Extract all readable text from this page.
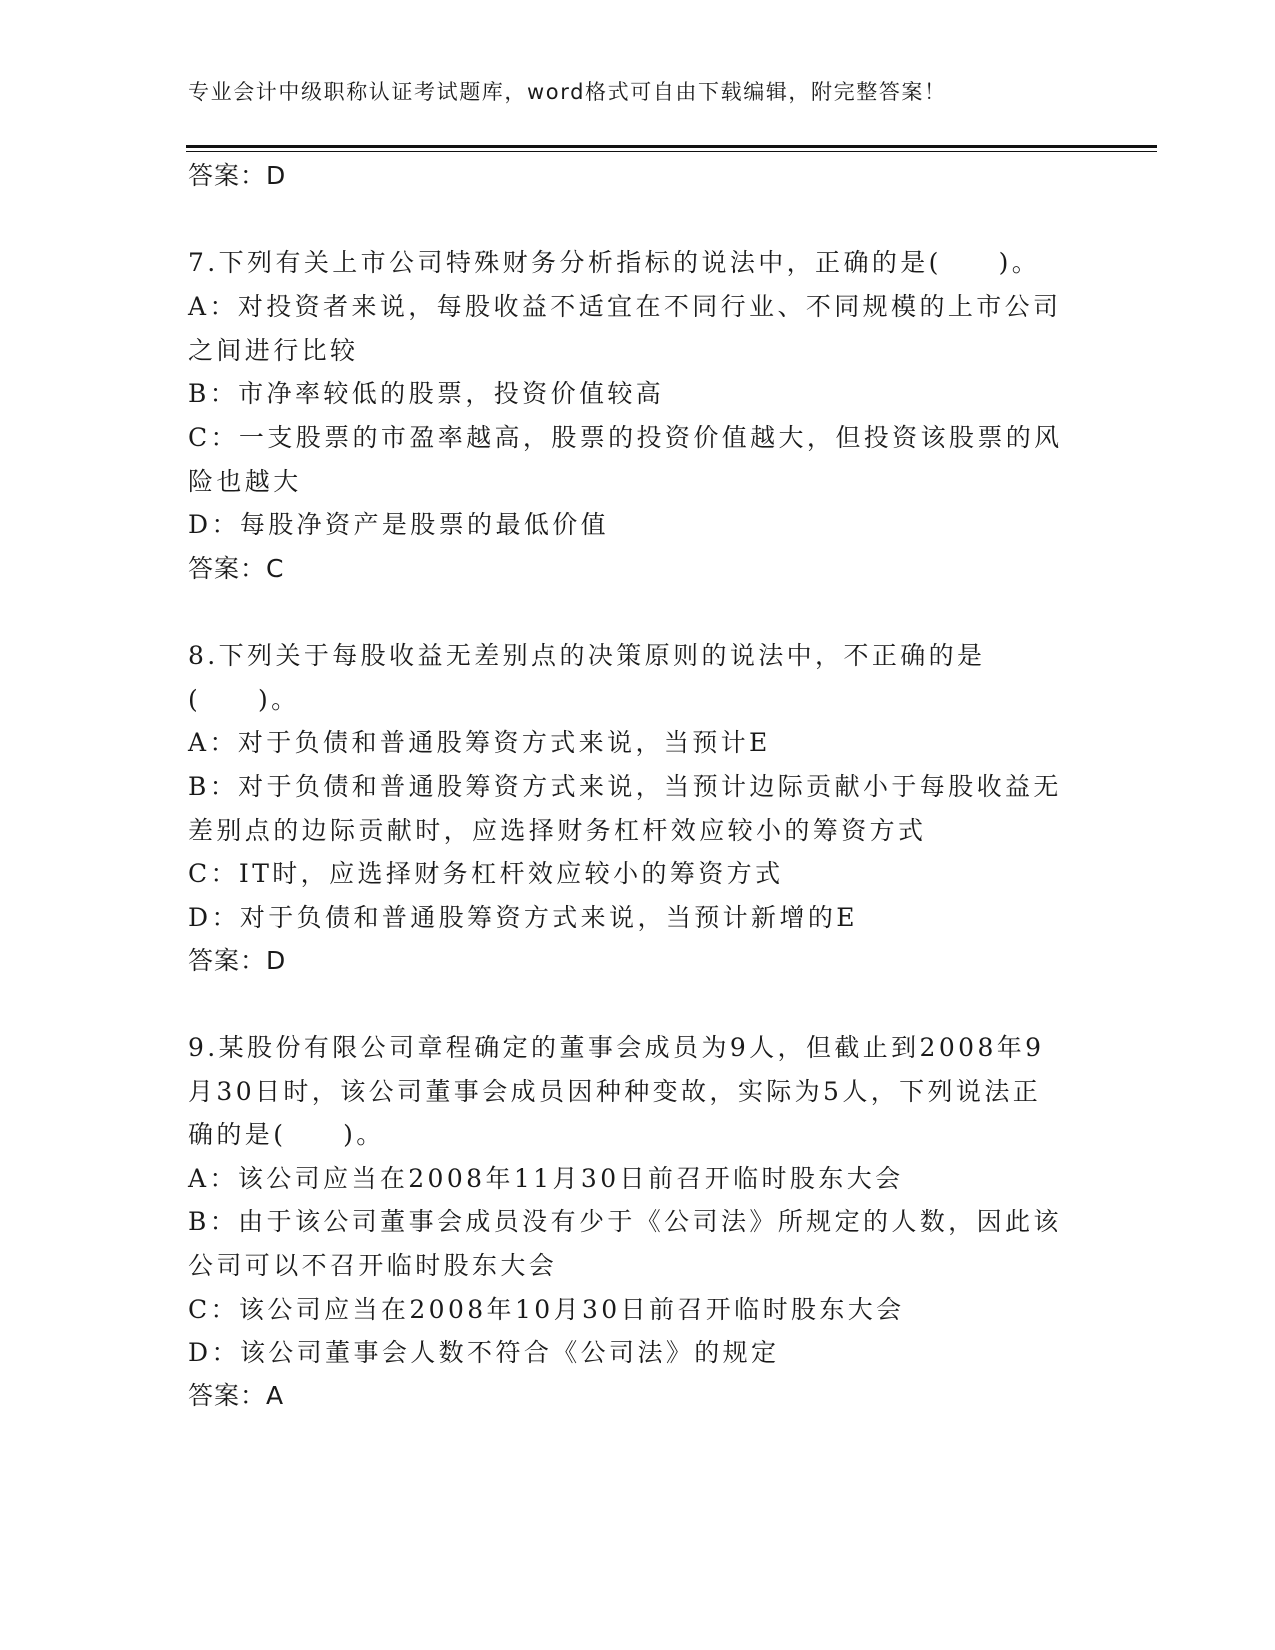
专业会计中级职称认证考试题库，word格式可自由下载编辑，附完整答案！
答案：D
7.下列有关上市公司特殊财务分析指标的说法中，正确的是(　　)。
A：对投资者来说，每股收益不适宜在不同行业、不同规模的上市公司
之间进行比较
B：市净率较低的股票，投资价值较高
C：一支股票的市盈率越高，股票的投资价值越大，但投资该股票的风
险也越大
D：每股净资产是股票的最低价值
答案：C
8.下列关于每股收益无差别点的决策原则的说法中，不正确的是
(　　)。
A：对于负债和普通股筹资方式来说，当预计E
B：对于负债和普通股筹资方式来说，当预计边际贡献小于每股收益无
差别点的边际贡献时，应选择财务杠杆效应较小的筹资方式
C：IT时，应选择财务杠杆效应较小的筹资方式
D：对于负债和普通股筹资方式来说，当预计新增的E
答案：D
9.某股份有限公司章程确定的董事会成员为9人，但截止到2008年9
月30日时，该公司董事会成员因种种变故，实际为5人，下列说法正
确的是(　　)。
A：该公司应当在2008年11月30日前召开临时股东大会
B：由于该公司董事会成员没有少于《公司法》所规定的人数，因此该
公司可以不召开临时股东大会
C：该公司应当在2008年10月30日前召开临时股东大会
D：该公司董事会人数不符合《公司法》的规定
答案：A
